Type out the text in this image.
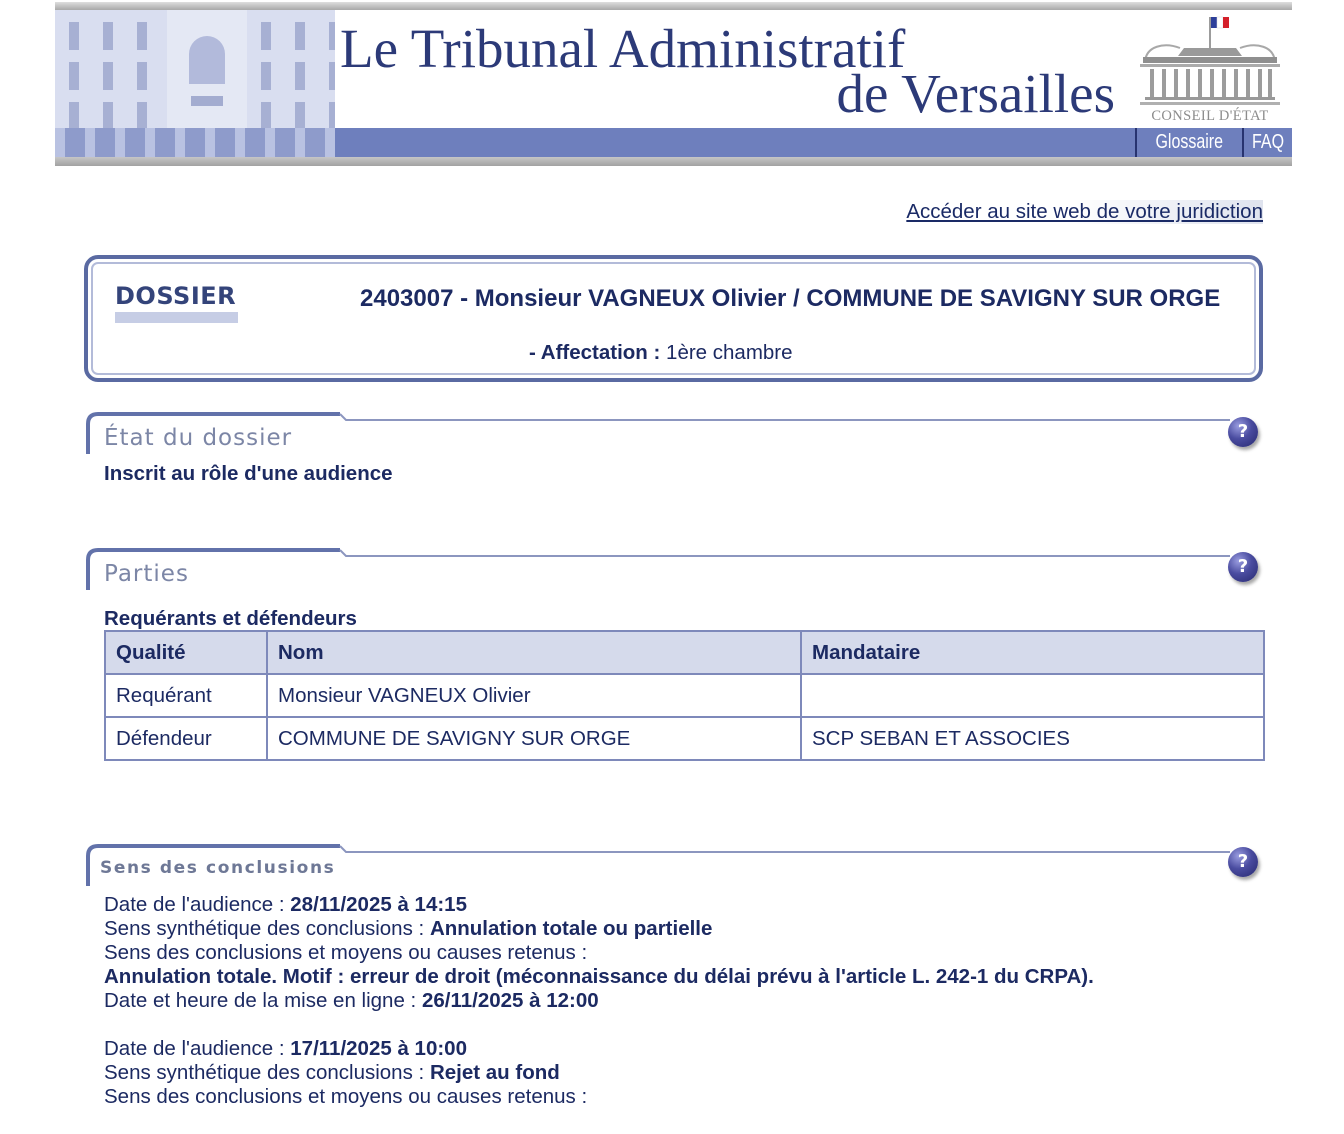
Le Tribunal Administratif
de Versailles	CONSEIL D'ÉTAT
Glossaire FAQ
Accéder au site web de votre juridiction
DOSSIER	2403007 - Monsieur VAGNEUX Olivier / COMMUNE DE SAVIGNY SUR ORGE
- Affectation : 1ère chambre
État du dossier	?
Inscrit au rôle d'une audience
Parties	?
Requérants et défendeurs
Qualité	Nom	Mandataire
Requérant	Monsieur VAGNEUX Olivier	
Défendeur	COMMUNE DE SAVIGNY SUR ORGE	SCP SEBAN ET ASSOCIES
Sens des conclusions	?
Date de l'audience : 28/11/2025 à 14:15
Sens synthétique des conclusions : Annulation totale ou partielle
Sens des conclusions et moyens ou causes retenus :
Annulation totale. Motif : erreur de droit (méconnaissance du délai prévu à l'article L. 242-1 du CRPA).
Date et heure de la mise en ligne : 26/11/2025 à 12:00
Date de l'audience : 17/11/2025 à 10:00
Sens synthétique des conclusions : Rejet au fond
Sens des conclusions et moyens ou causes retenus :
